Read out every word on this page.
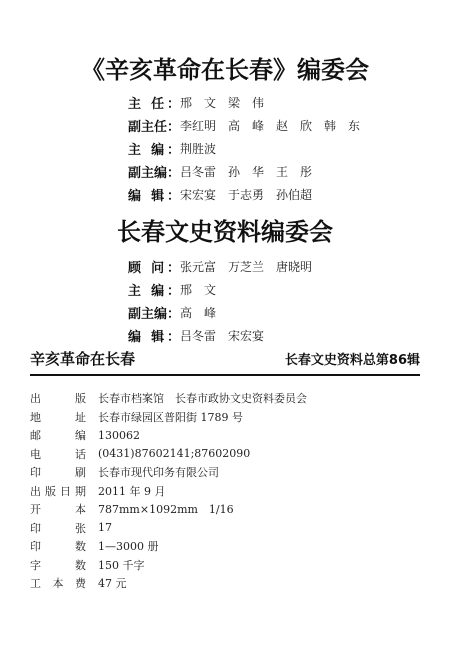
《辛亥革命在长春》编委会
主 任： 邢　文　梁　伟
副主任： 李红明　高　峰　赵　欣　韩　东
主 编： 荆胜波
副主编： 吕冬雷　孙　华　王　彤
编 辑： 宋宏宴　于志勇　孙伯超
长春文史资料编委会
顾 问： 张元富　万芝兰　唐晓明
主 编： 邢　文
副主编： 高　峰
编 辑： 吕冬雷　宋宏宴
辛亥革命在长春	长春文史资料总第86辑
出　　版 长春市档案馆　长春市政协文史资料委员会
地　　址 长春市绿园区普阳街 1789 号
邮　　编 130062
电　　话 (0431)87602141;87602090
印　　刷 长春市现代印务有限公司
出版日期 2011 年 9 月
开　　本 787mm×1092mm　1/16
印　　张 17
印　　数 1—3000 册
字　　数 150 千字
工 本 费 47 元
